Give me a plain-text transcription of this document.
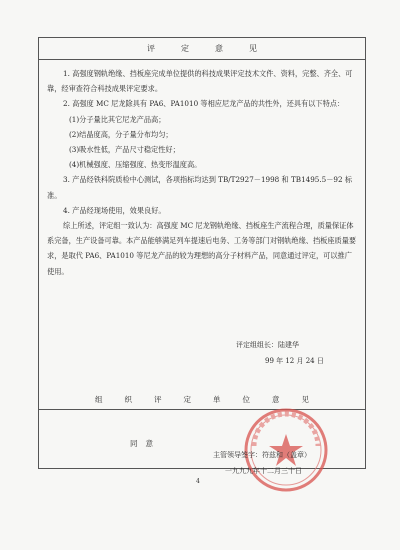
评定意见

1. 高强度钢轨绝缘、挡板座完成单位提供的科技成果评定技术文件、资料，完整、齐全、可靠，经审查符合科技成果评定要求。

2. 高强度 MC 尼龙除具有 PA6、PA1010 等相应尼龙产品的共性外，还具有以下特点：

(1)分子量比其它尼龙产品高；

(2)结晶度高，分子量分布均匀；

(3)吸水性低，产品尺寸稳定性好；

(4)机械强度、压缩强度、热变形温度高。

3. 产品经铁科院质检中心测试，各项指标均达到 TB/T2927－1998 和 TB1495.5－92 标准。

4. 产品经现场使用，效果良好。

综上所述，评定组一致认为：高强度 MC 尼龙钢轨绝缘、挡板座生产流程合理，质量保证体系完备，生产设备可靠。本产品能够满足列车提速后电务、工务等部门对钢轨绝缘、挡板座质量要求，是取代 PA6、PA1010 等尼龙产品的较为理想的高分子材料产品，同意通过评定，可以推广使用。

评定组组长：陆建华
99 年 12 月 24 日
组织评定单位意见
同意
主管领导签字：符兹和（盖章）
一九九九年十二月三十日
4
